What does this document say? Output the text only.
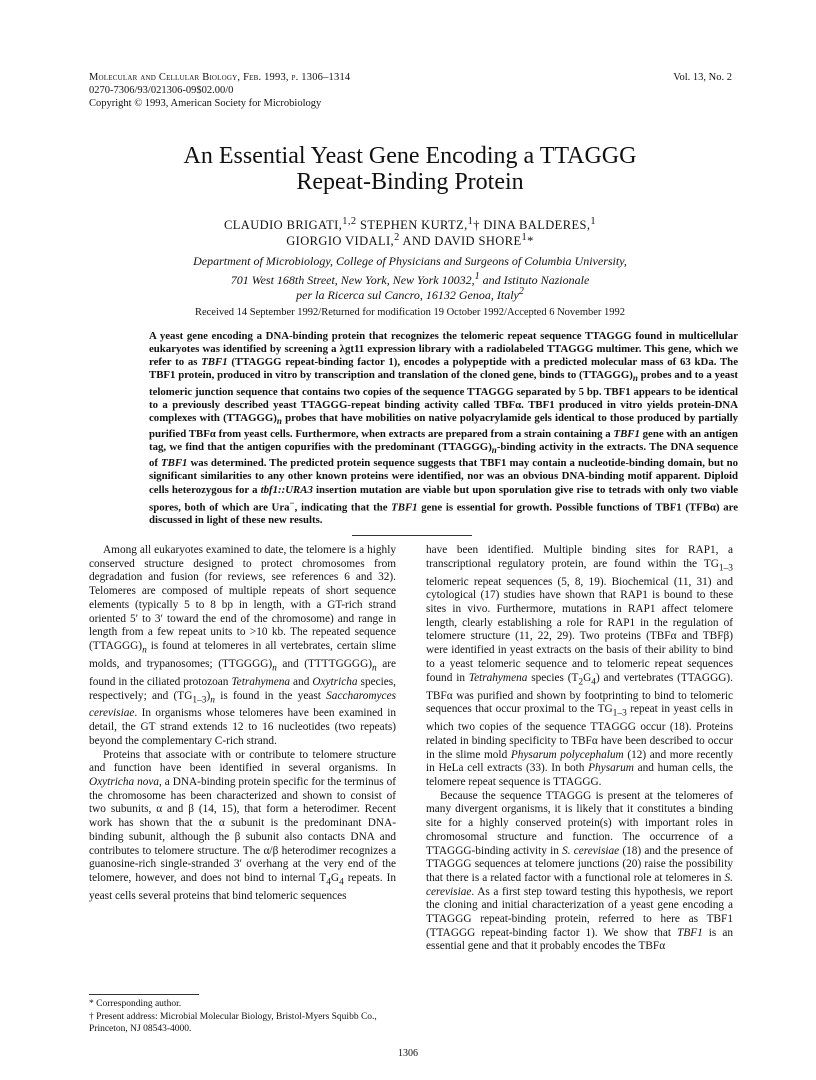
Molecular and Cellular Biology, Feb. 1993, p. 1306–1314	Vol. 13, No. 2
0270-7306/93/021306-09$02.00/0
Copyright © 1993, American Society for Microbiology
An Essential Yeast Gene Encoding a TTAGGG
Repeat-Binding Protein
CLAUDIO BRIGATI,$^{1,2}$ STEPHEN KURTZ,$^1$† DINA BALDERES,$^1$
GIORGIO VIDALI,$^2$ AND DAVID SHORE$^1$*
Department of Microbiology, College of Physicians and Surgeons of Columbia University,
701 West 168th Street, New York, New York 10032,$^1$ and Istituto Nazionale
per la Ricerca sul Cancro, 16132 Genoa, Italy$^2$
Received 14 September 1992/Returned for modification 19 October 1992/Accepted 6 November 1992
A yeast gene encoding a DNA-binding protein that recognizes the telomeric repeat sequence TTAGGG found in multicellular eukaryotes was identified by screening a λgt11 expression library with a radiolabeled TTAGGG multimer. This gene, which we refer to as TBF1 (TTAGGG repeat-binding factor 1), encodes a polypeptide with a predicted molecular mass of 63 kDa. The TBF1 protein, produced in vitro by transcription and translation of the cloned gene, binds to $(TTAGGG)_n$ probes and to a yeast telomeric junction sequence that contains two copies of the sequence TTAGGG separated by 5 bp. TBF1 appears to be identical to a previously described yeast TTAGGG-repeat binding activity called TBFα. TBF1 produced in vitro yields protein-DNA complexes with $(TTAGGG)_n$ probes that have mobilities on native polyacrylamide gels identical to those produced by partially purified TBFα from yeast cells. Furthermore, when extracts are prepared from a strain containing a TBF1 gene with an antigen tag, we find that the antigen copurifies with the predominant $(TTAGGG)_n$-binding activity in the extracts. The DNA sequence of TBF1 was determined. The predicted protein sequence suggests that TBF1 may contain a nucleotide-binding domain, but no significant similarities to any other known proteins were identified, nor was an obvious DNA-binding motif apparent. Diploid cells heterozygous for a tbf1::URA3 insertion mutation are viable but upon sporulation give rise to tetrads with only two viable spores, both of which are Ura−, indicating that the TBF1 gene is essential for growth. Possible functions of TBF1 (TFBα) are discussed in light of these new results.

Among all eukaryotes examined to date, the telomere is a highly conserved structure designed to protect chromosomes from degradation and fusion (for reviews, see references 6 and 32). Telomeres are composed of multiple repeats of short sequence elements (typically 5 to 8 bp in length, with a GT-rich strand oriented 5′ to 3′ toward the end of the chromosome) and range in length from a few repeat units to >10 kb. The repeated sequence $(TTAGGG)_n$ is found at telomeres in all vertebrates, certain slime molds, and trypanosomes; $(TTGGGG)_n$ and $(TTTTGGGG)_n$ are found in the ciliated protozoan Tetrahymena and Oxytricha species, respectively; and $(TG_{1-3})_n$ is found in the yeast Saccharomyces cerevisiae. In organisms whose telomeres have been examined in detail, the GT strand extends 12 to 16 nucleotides (two repeats) beyond the complementary C-rich strand.

Proteins that associate with or contribute to telomere structure and function have been identified in several organisms. In Oxytricha nova, a DNA-binding protein specific for the terminus of the chromosome has been characterized and shown to consist of two subunits, α and β (14, 15), that form a heterodimer. Recent work has shown that the α subunit is the predominant DNA-binding subunit, although the β subunit also contacts DNA and contributes to telomere structure. The α/β heterodimer recognizes a guanosine-rich single-stranded 3′ overhang at the very end of the telomere, however, and does not bind to internal $T_4G_4$ repeats. In yeast cells several proteins that bind telomeric sequences

have been identified. Multiple binding sites for RAP1, a transcriptional regulatory protein, are found within the $TG_{1-3}$ telomeric repeat sequences (5, 8, 19). Biochemical (11, 31) and cytological (17) studies have shown that RAP1 is bound to these sites in vivo. Furthermore, mutations in RAP1 affect telomere length, clearly establishing a role for RAP1 in the regulation of telomere structure (11, 22, 29). Two proteins (TBFα and TBFβ) were identified in yeast extracts on the basis of their ability to bind to a yeast telomeric sequence and to telomeric repeat sequences found in Tetrahymena species $(T_2G_4)$ and vertebrates (TTAGGG). TBFα was purified and shown by footprinting to bind to telomeric sequences that occur proximal to the $TG_{1-3}$ repeat in yeast cells in which two copies of the sequence TTAGGG occur (18). Proteins related in binding specificity to TBFα have been described to occur in the slime mold Physarum polycephalum (12) and more recently in HeLa cell extracts (33). In both Physarum and human cells, the telomere repeat sequence is TTAGGG.

Because the sequence TTAGGG is present at the telomeres of many divergent organisms, it is likely that it constitutes a binding site for a highly conserved protein(s) with important roles in chromosomal structure and function. The occurrence of a TTAGGG-binding activity in S. cerevisiae (18) and the presence of TTAGGG sequences at telomere junctions (20) raise the possibility that there is a related factor with a functional role at telomeres in S. cerevisiae. As a first step toward testing this hypothesis, we report the cloning and initial characterization of a yeast gene encoding a TTAGGG repeat-binding protein, referred to here as TBF1 (TTAGGG repeat-binding factor 1). We show that TBF1 is an essential gene and that it probably encodes the TBFα

* Corresponding author.
† Present address: Microbial Molecular Biology, Bristol-Myers Squibb Co., Princeton, NJ 08543-4000.
1306
